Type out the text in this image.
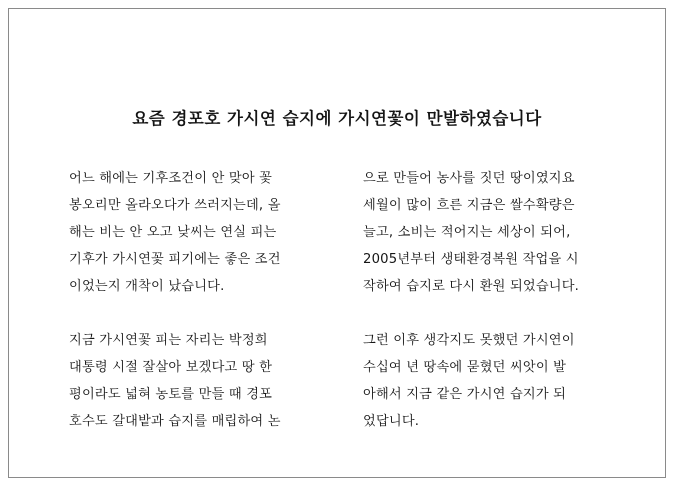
요즘 경포호 가시연 습지에 가시연꽃이 만발하였습니다

어느 해에는 기후조건이 안 맞아 꽃
봉오리만 올라오다가 쓰러지는데, 올
해는 비는 안 오고 낮씨는 연실 피는
기후가 가시연꽃 피기에는 좋은 조건
이었는지 개착이 났습니다.

지금 가시연꽃 피는 자리는 박정희
대통령 시절 잘살아 보겠다고 땅 한
평이라도 넓혀 농토를 만들 때 경포
호수도 갈대밭과 습지를 매립하여 논

으로 만들어 농사를 짓던 땅이였지요
세월이 많이 흐른 지금은 쌀수확량은
늘고, 소비는 적어지는 세상이 되어,
2005년부터 생태환경복원 작업을 시
작하여 습지로 다시 환원 되었습니다.

그런 이후 생각지도 못했던 가시연이
수십여 년 땅속에 묻혔던 씨앗이 발
아해서 지금 같은 가시연 습지가 되
었답니다.
